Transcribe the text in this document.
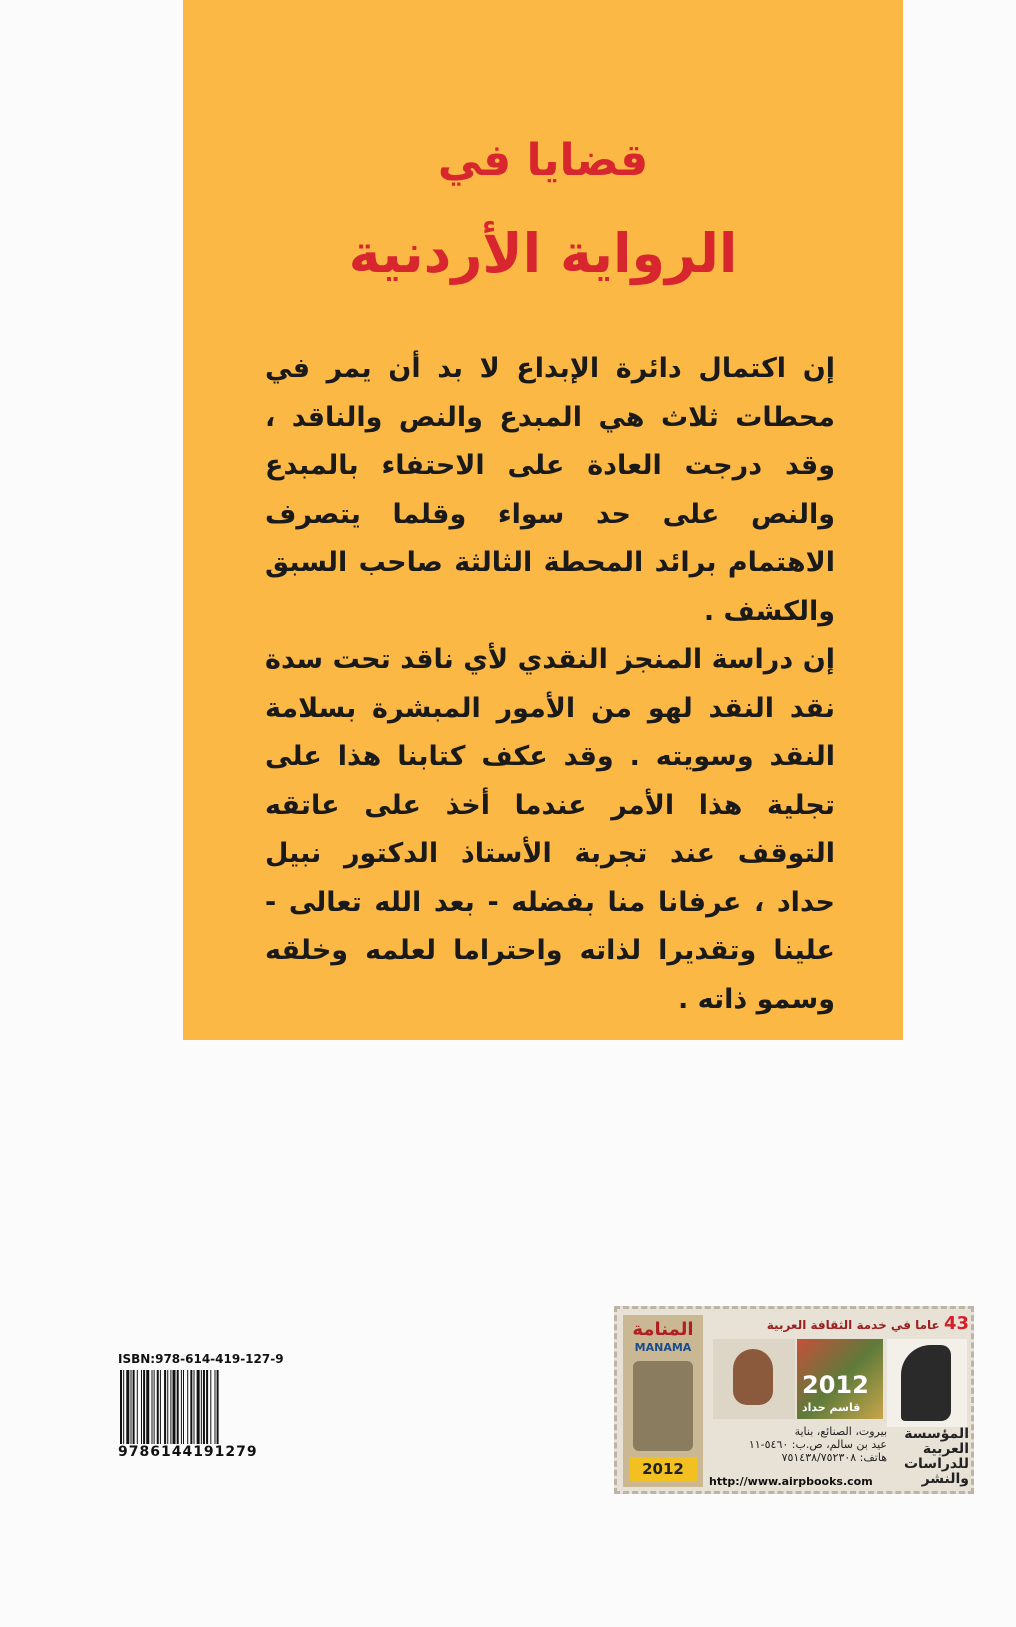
قضايا في
الرواية الأردنية

إن اكتمال دائرة الإبداع لا بد أن يمر في محطات ثلاث هي المبدع والنص والناقد ، وقد درجت العادة على الاحتفاء بالمبدع والنص على حد سواء وقلما يتصرف الاهتمام برائد المحطة الثالثة صاحب السبق والكشف .

إن دراسة المنجز النقدي لأي ناقد تحت سدة نقد النقد لهو من الأمور المبشرة بسلامة النقد وسويته . وقد عكف كتابنا هذا على تجلية هذا الأمر عندما أخذ على عاتقه التوقف عند تجربة الأستاذ الدكتور نبيل حداد ، عرفانا منا بفضله - بعد الله تعالى - علينا وتقديرا لذاته واحتراما لعلمه وخلقه وسمو ذاته .

ISBN:978-614-419-127-9
9786144191279
المنامة
MANAMA
2012
43 عاما في خدمة الثقافة العربية
2012
قاسم حداد
بيروت، الصنائع، بناية
عيد بن سالم، ص.ب: ٥٤٦٠-١١
هاتف: ٧٥١٤٣٨/٧٥٢٣٠٨
http://www.airpbooks.com
المؤسسة
العربية
للدراسات
والنشر
